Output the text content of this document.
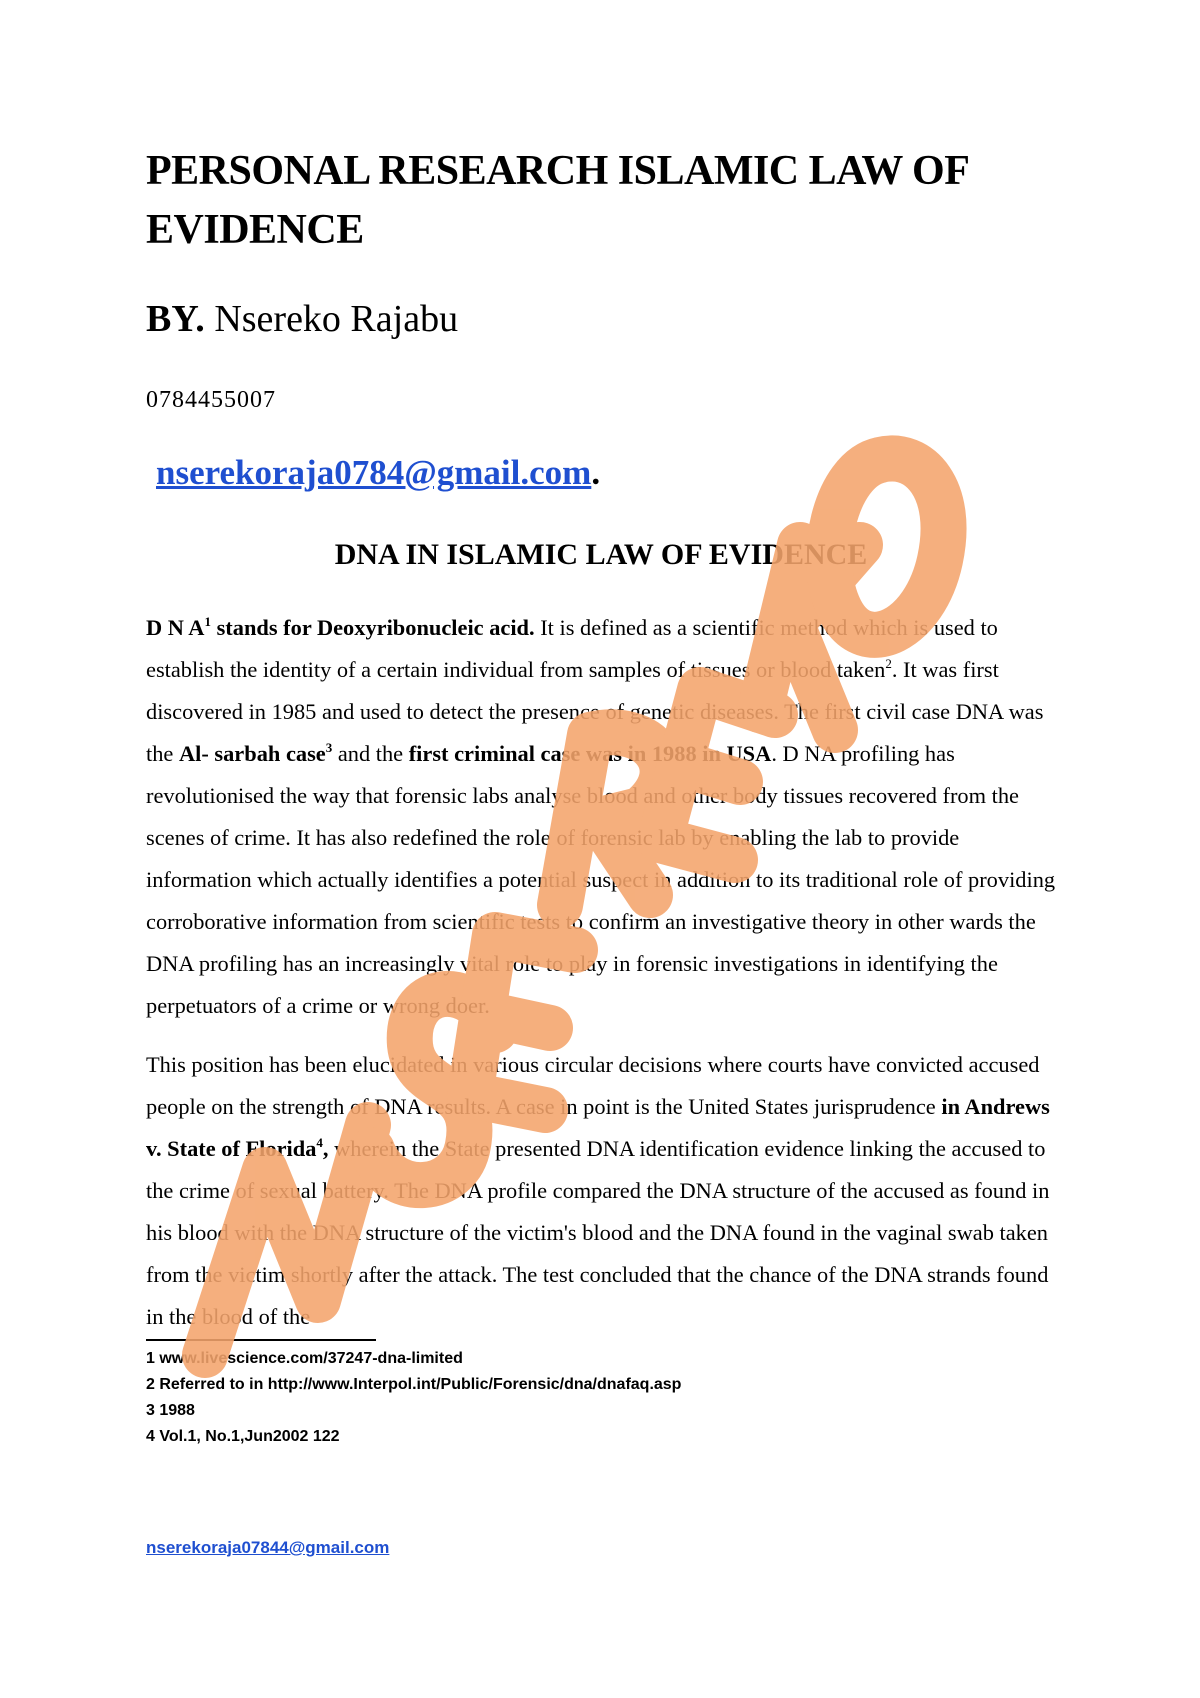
PERSONAL RESEARCH ISLAMIC LAW OF EVIDENCE

BY. Nsereko Rajabu

0784455007

nserekoraja0784@gmail.com.

DNA IN ISLAMIC LAW OF EVIDENCE

D N $A^1$ stands for Deoxyribonucleic acid. It is defined as a scientific method which is used to establish the identity of a certain individual from samples of tissues or blood taken$^2$. It was first discovered in 1985 and used to detect the presence of genetic diseases. The first civil case DNA was the Al- sarbah case$^3$ and the first criminal case was in 1988 in USA. D NA profiling has revolutionised the way that forensic labs analyse blood and other body tissues recovered from the scenes of crime. It has also redefined the role of forensic lab by enabling the lab to provide information which actually identifies a potential suspect in addition to its traditional role of providing corroborative information from scientific tests to confirm an investigative theory in other wards the DNA profiling has an increasingly vital role to play in forensic investigations in identifying the perpetuators of a crime or wrong doer.

This position has been elucidated in various circular decisions where courts have convicted accused people on the strength of DNA results. A case in point is the United States jurisprudence in Andrews v. State of Florida$^4$, wherein the State presented DNA identification evidence linking the accused to the crime of sexual battery. The DNA profile compared the DNA structure of the accused as found in his blood with the DNA structure of the victim's blood and the DNA found in the vaginal swab taken from the victim shortly after the attack. The test concluded that the chance of the DNA strands found in the blood of the

1 www.livescience.com/37247-dna-limited
2 Referred to in http://www.Interpol.int/Public/Forensic/dna/dnafaq.asp
3 1988
4 Vol.1, No.1,Jun2002 122

nserekoraja07844@gmail.com
